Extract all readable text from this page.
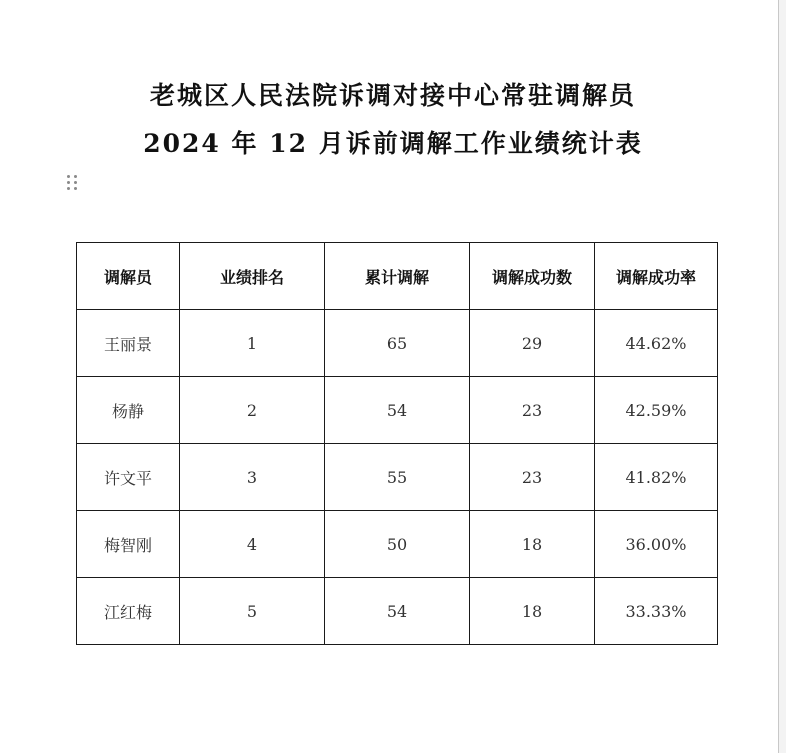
老城区人民法院诉调对接中心常驻调解员
2024 年 12 月诉前调解工作业绩统计表
调解员	业绩排名	累计调解	调解成功数	调解成功率
王丽景	1	65	29	44.62%
杨静	2	54	23	42.59%
许文平	3	55	23	41.82%
梅智刚	4	50	18	36.00%
江红梅	5	54	18	33.33%
